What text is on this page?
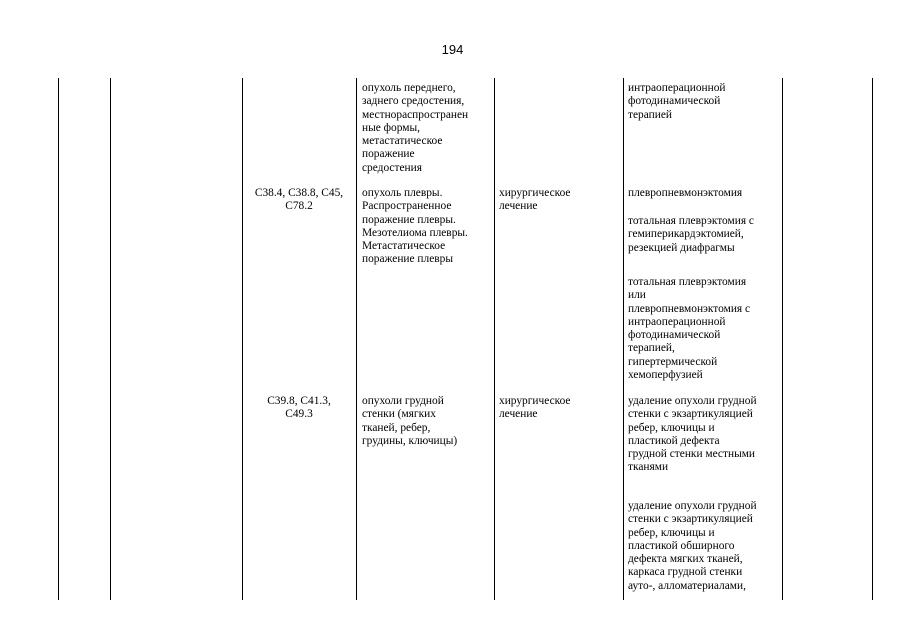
194
опухоль переднего,
заднего средостения,
местнораспространен
ные формы,
метастатическое
поражение
средостения
интраоперационной
фотодинамической
терапией
C38.4, C38.8, C45,
C78.2
опухоль плевры.
Распространенное
поражение плевры.
Мезотелиома плевры.
Метастатическое
поражение плевры
хирургическое
лечение
плевропневмонэктомия
тотальная плеврэктомия с
гемиперикардэктомией,
резекцией диафрагмы
тотальная плеврэктомия
или
плевропневмонэктомия с
интраоперационной
фотодинамической
терапией,
гипертермической
хемоперфузией
C39.8, C41.3,
C49.3
опухоли грудной
стенки (мягких
тканей, ребер,
грудины, ключицы)
хирургическое
лечение
удаление опухоли грудной
стенки с экзартикуляцией
ребер, ключицы и
пластикой дефекта
грудной стенки местными
тканями
удаление опухоли грудной
стенки с экзартикуляцией
ребер, ключицы и
пластикой обширного
дефекта мягких тканей,
каркаса грудной стенки
ауто-, алломатериалами,
